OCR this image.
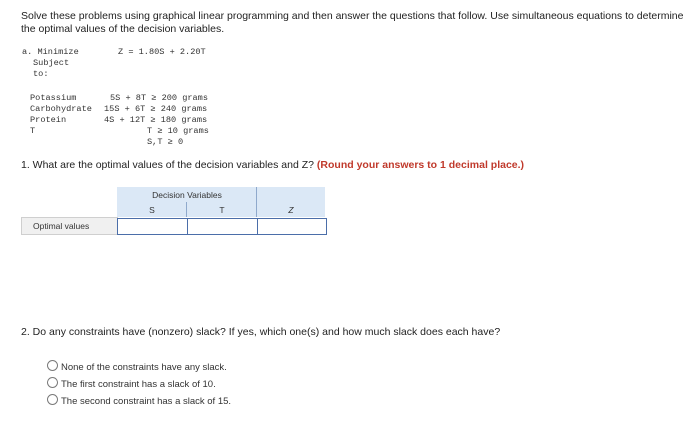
Solve these problems using graphical linear programming and then answer the questions that follow. Use simultaneous equations to determine the optimal values of the decision variables.
a. Minimize	Z = 1.80S + 2.20T
Subject
to:
Potassium	5S + 8T ≥ 200 grams
Carbohydrate 15S + 6T ≥ 240 grams
Protein	4S + 12T ≥ 180 grams
T	T ≥ 10 grams
S,T ≥ 0
1. What are the optimal values of the decision variables and Z? (Round your answers to 1 decimal place.)
Decision Variables
S	T	Z
Optimal values
2. Do any constraints have (nonzero) slack? If yes, which one(s) and how much slack does each have?
None of the constraints have any slack.
The first constraint has a slack of 10.
The second constraint has a slack of 15.
